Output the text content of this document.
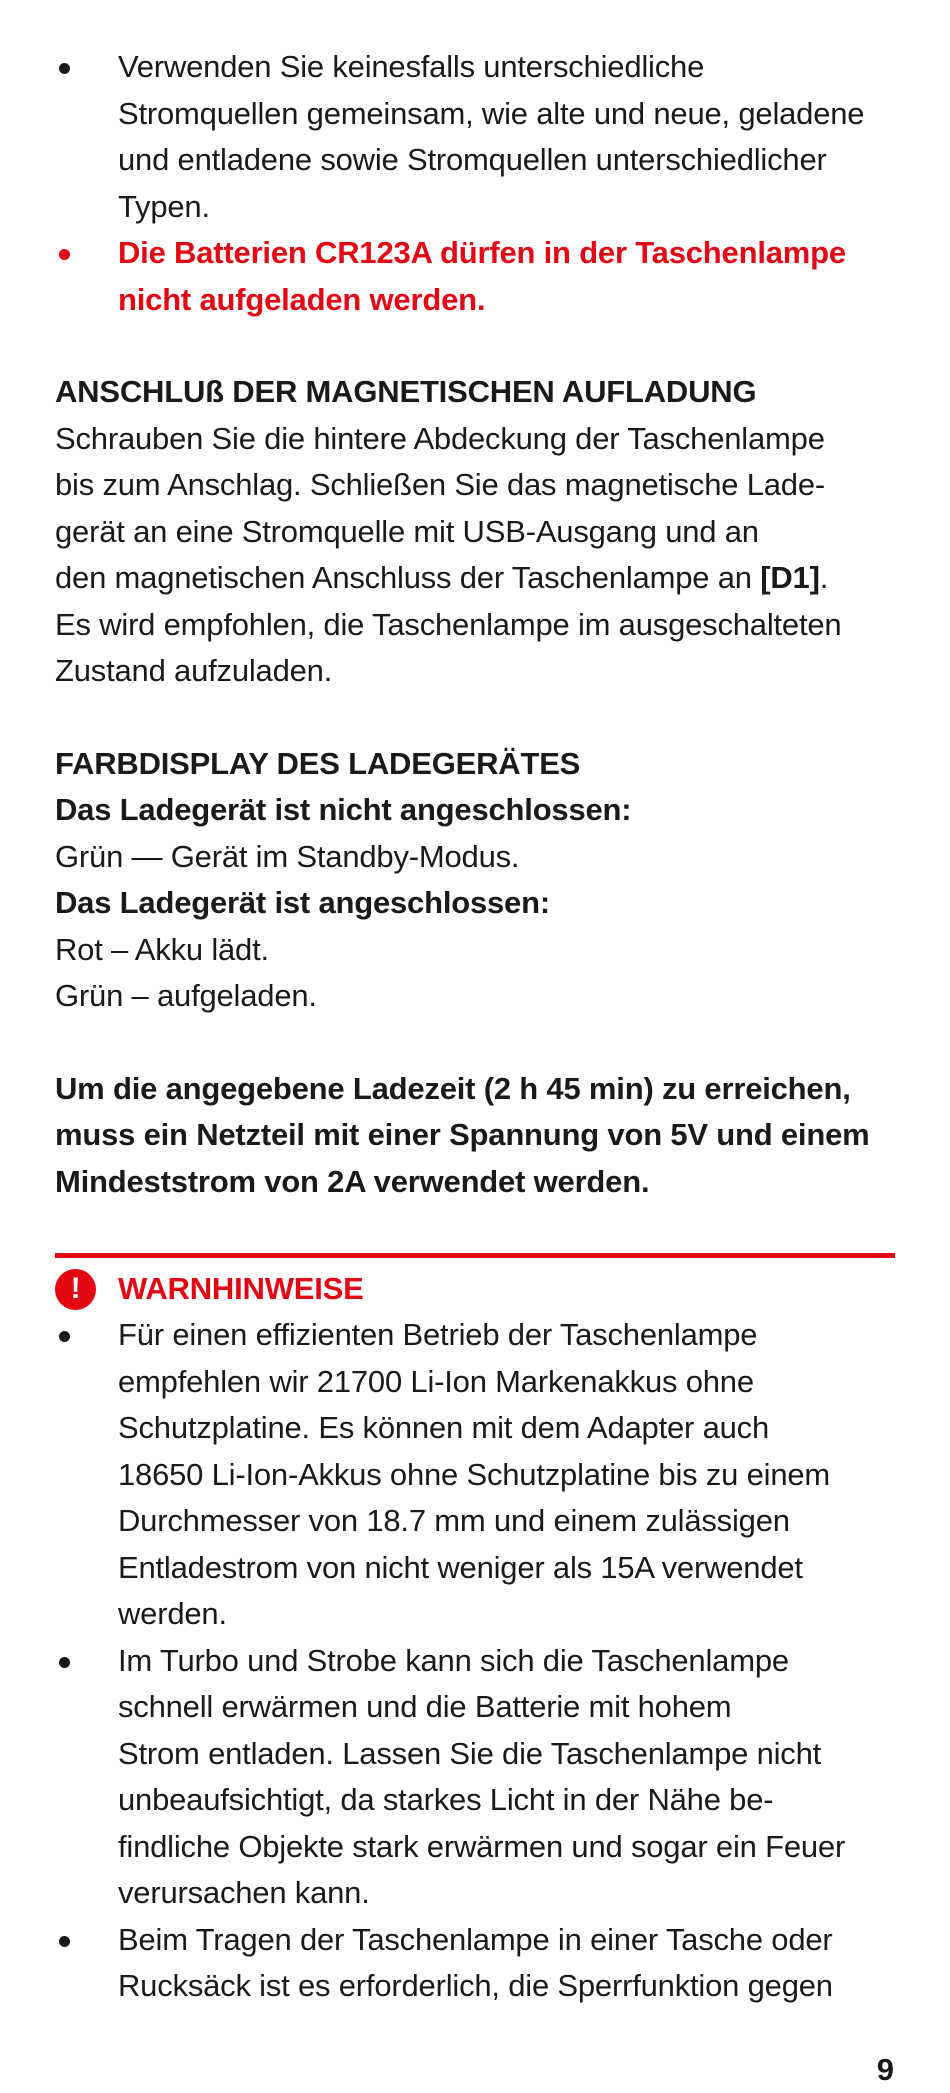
Verwenden Sie keinesfalls unterschiedliche
Stromquellen gemeinsam, wie alte und neue, geladene
und entladene sowie Stromquellen unterschiedlicher
Typen.
Die Batterien CR123A dürfen in der Taschenlampe
nicht aufgeladen werden.

ANSCHLUß DER MAGNETISCHEN AUFLADUNG

Schrauben Sie die hintere Abdeckung der Taschenlampe
bis zum Anschlag. Schließen Sie das magnetische Lade-
gerät an eine Stromquelle mit USB-Ausgang und an
den magnetischen Anschluss der Taschenlampe an [D1].
Es wird empfohlen, die Taschenlampe im ausgeschalteten
Zustand aufzuladen.

FARBDISPLAY DES LADEGERÄTES

Das Ladegerät ist nicht angeschlossen:

Grün — Gerät im Standby-Modus.

Das Ladegerät ist angeschlossen:

Rot – Akku lädt.

Grün – aufgeladen.

Um die angegebene Ladezeit (2 h 45 min) zu erreichen,
muss ein Netzteil mit einer Spannung von 5V und einem
Mindeststrom von 2A verwendet werden.

!	WARNHINWEISE
Für einen effizienten Betrieb der Taschenlampe
empfehlen wir 21700 Li-Ion Markenakkus ohne
Schutzplatine. Es können mit dem Adapter auch
18650 Li-Ion-Akkus ohne Schutzplatine bis zu einem
Durchmesser von 18.7 mm und einem zulässigen
Entladestrom von nicht weniger als 15A verwendet
werden.
Im Turbo und Strobe kann sich die Taschenlampe
schnell erwärmen und die Batterie mit hohem
Strom entladen. Lassen Sie die Taschenlampe nicht
unbeaufsichtigt, da starkes Licht in der Nähe be-
findliche Objekte stark erwärmen und sogar ein Feuer
verursachen kann.
Beim Tragen der Taschenlampe in einer Tasche oder
Rucksäck ist es erforderlich, die Sperrfunktion gegen
9
